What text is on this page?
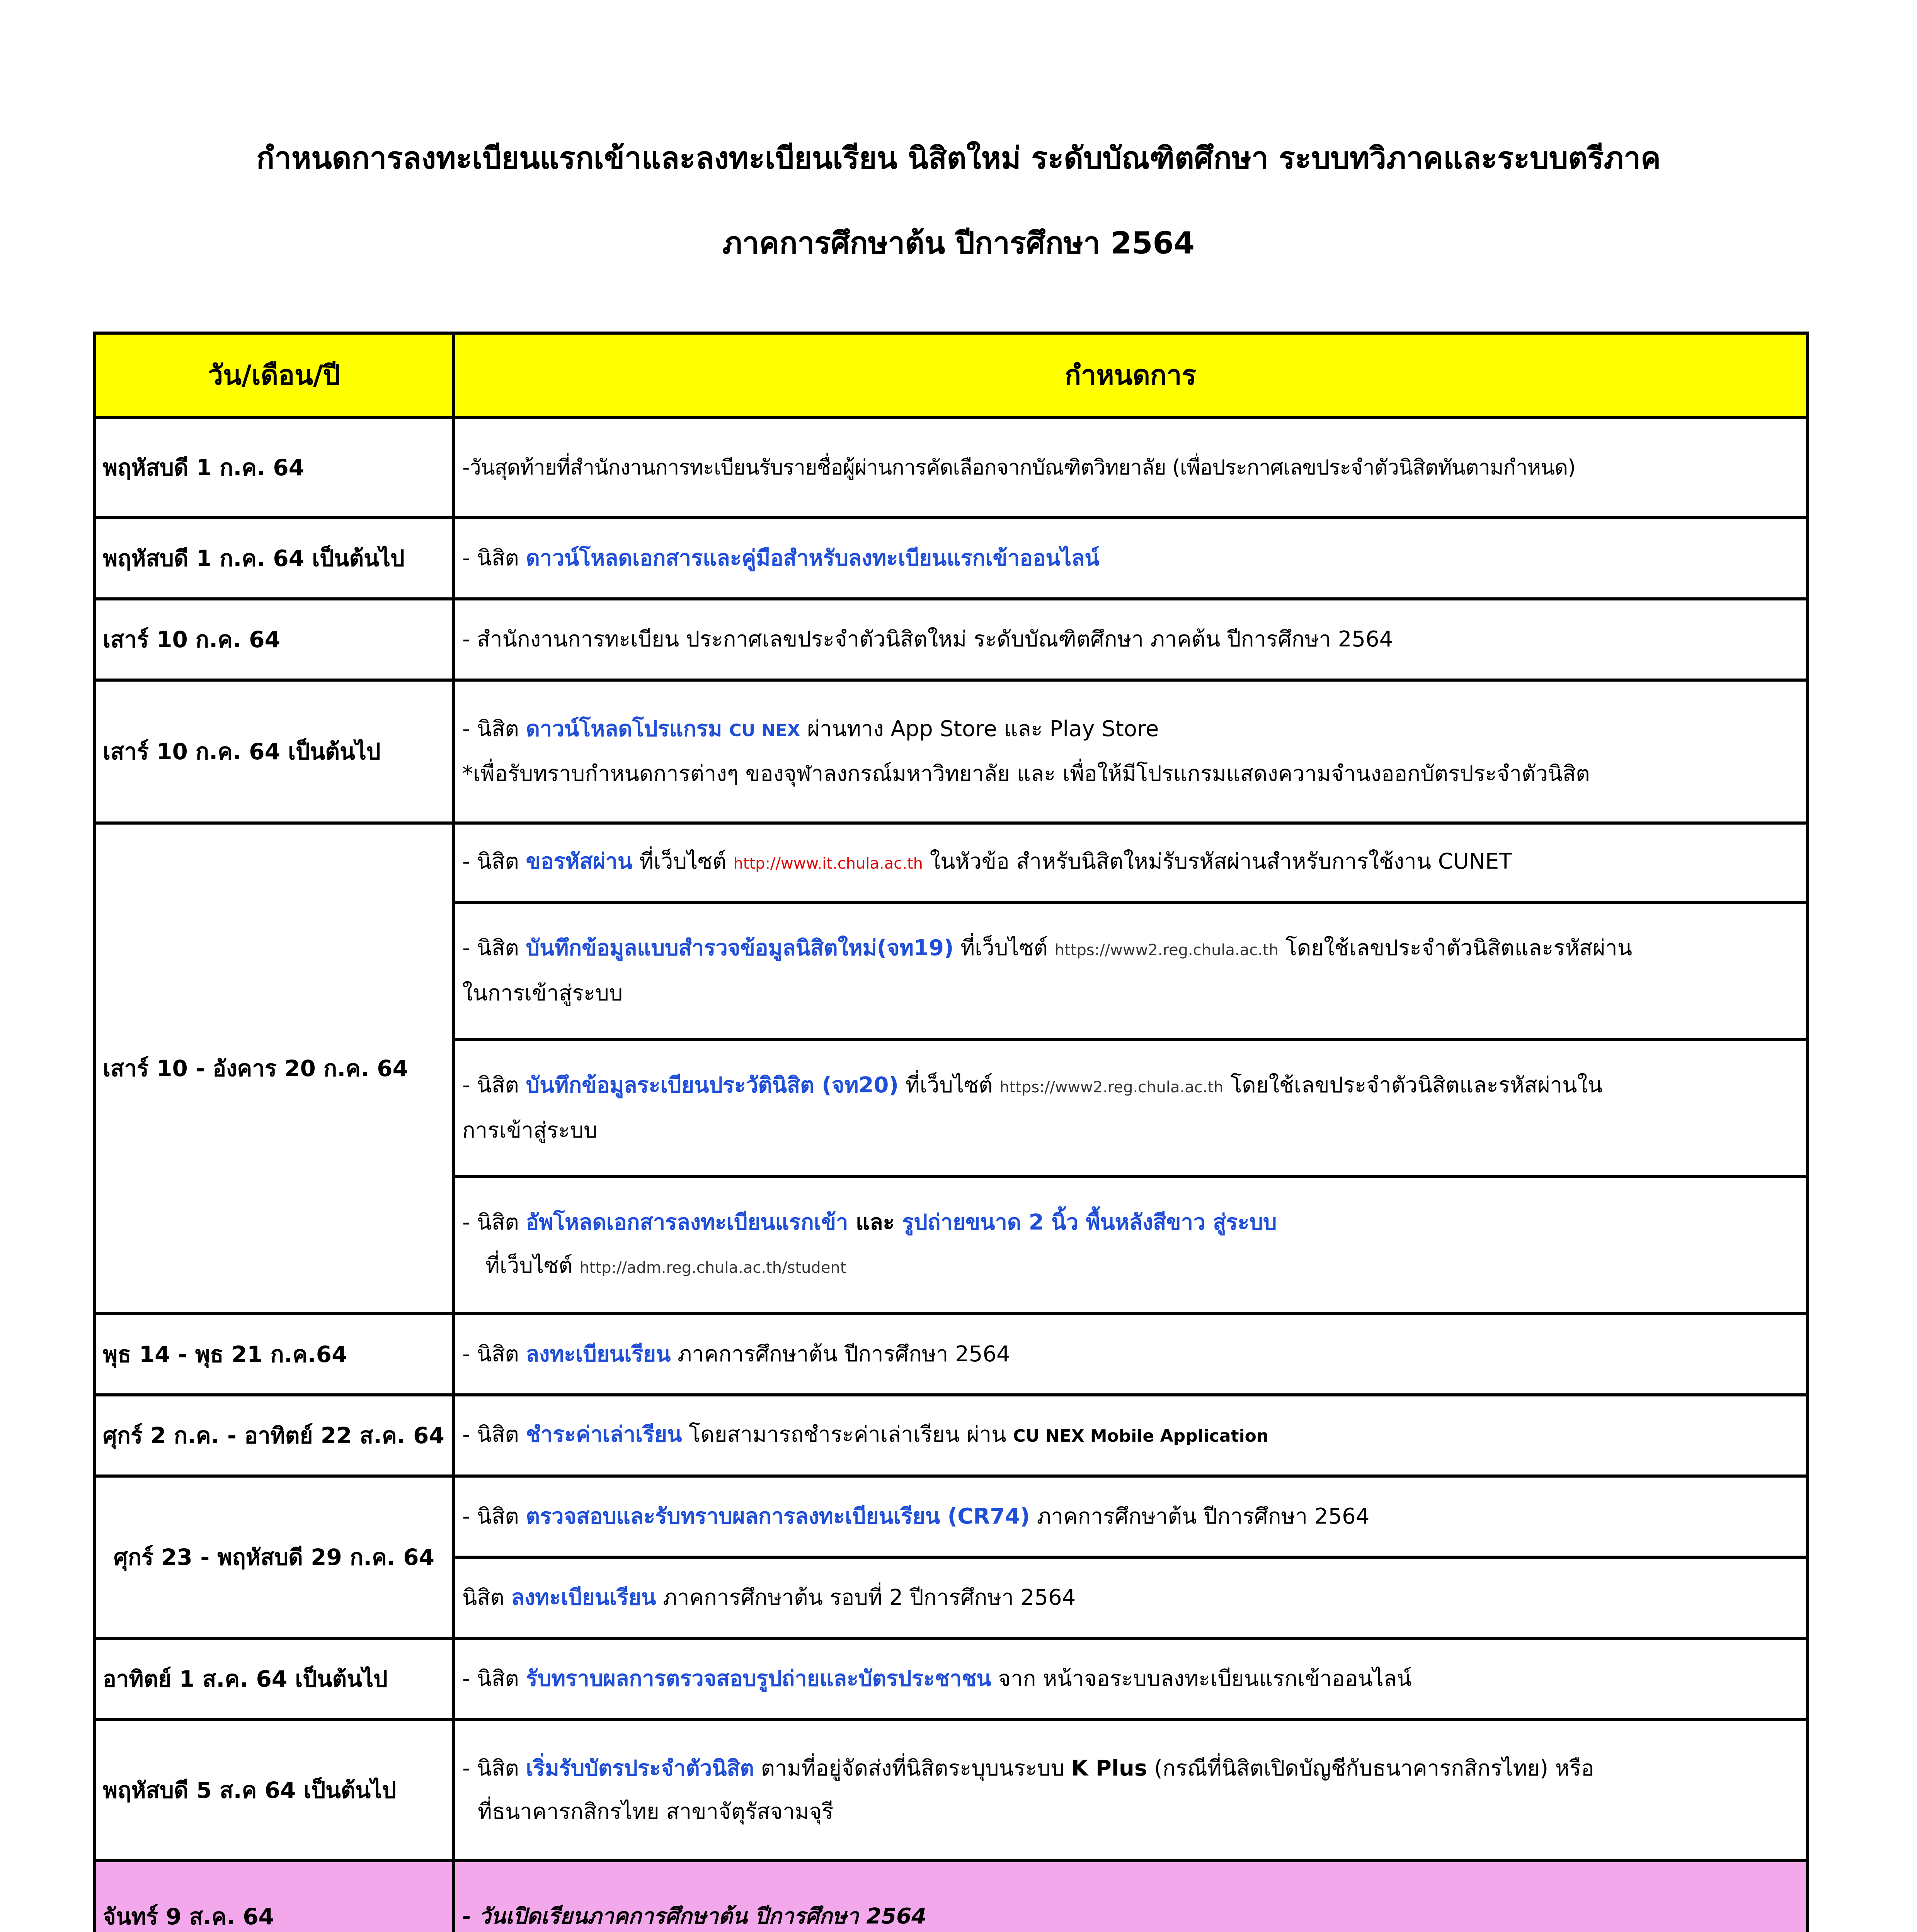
กำหนดการลงทะเบียนแรกเข้าและลงทะเบียนเรียน นิสิตใหม่ ระดับบัณฑิตศึกษา ระบบทวิภาคและระบบตรีภาค
ภาคการศึกษาต้น ปีการศึกษา 2564
วัน/เดือน/ปี	กำหนดการ
พฤหัสบดี 1 ก.ค. 64	-วันสุดท้ายที่สำนักงานการทะเบียนรับรายชื่อผู้ผ่านการคัดเลือกจากบัณฑิตวิทยาลัย (เพื่อประกาศเลขประจำตัวนิสิตทันตามกำหนด)
พฤหัสบดี 1 ก.ค. 64 เป็นต้นไป	- นิสิต ดาวน์โหลดเอกสารและคู่มือสำหรับลงทะเบียนแรกเข้าออนไลน์
เสาร์ 10 ก.ค. 64	- สำนักงานการทะเบียน ประกาศเลขประจำตัวนิสิตใหม่ ระดับบัณฑิตศึกษา ภาคต้น ปีการศึกษา 2564
เสาร์ 10 ก.ค. 64 เป็นต้นไป	- นิสิต ดาวน์โหลดโปรแกรม CU NEX ผ่านทาง App Store และ Play Store
*เพื่อรับทราบกำหนดการต่างๆ ของจุฬาลงกรณ์มหาวิทยาลัย และ เพื่อให้มีโปรแกรมแสดงความจำนงออกบัตรประจำตัวนิสิต

เสาร์ 10 - อังคาร 20 ก.ค. 64	- นิสิต ขอรหัสผ่าน ที่เว็บไซต์ http://www.it.chula.ac.th ในหัวข้อ สำหรับนิสิตใหม่รับรหัสผ่านสำหรับการใช้งาน CUNET

	- นิสิต บันทึกข้อมูลแบบสำรวจข้อมูลนิสิตใหม่(จท19) ที่เว็บไซต์ https://www2.reg.chula.ac.th โดยใช้เลขประจำตัวนิสิตและรหัสผ่าน
ในการเข้าสู่ระบบ

	- นิสิต บันทึกข้อมูลระเบียนประวัตินิสิต (จท20) ที่เว็บไซต์ https://www2.reg.chula.ac.th โดยใช้เลขประจำตัวนิสิตและรหัสผ่านใน
การเข้าสู่ระบบ

	- นิสิต อัพโหลดเอกสารลงทะเบียนแรกเข้า และ รูปถ่ายขนาด 2 นิ้ว พื้นหลังสีขาว สู่ระบบ
ที่เว็บไซต์ http://adm.reg.chula.ac.th/student

พุธ 14 - พุธ 21 ก.ค.64	- นิสิต ลงทะเบียนเรียน ภาคการศึกษาต้น ปีการศึกษา 2564
ศุกร์ 2 ก.ค. - อาทิตย์ 22 ส.ค. 64	- นิสิต ชำระค่าเล่าเรียน โดยสามารถชำระค่าเล่าเรียน ผ่าน CU NEX Mobile Application
ศุกร์ 23 - พฤหัสบดี 29 ก.ค. 64	- นิสิต ตรวจสอบและรับทราบผลการลงทะเบียนเรียน (CR74) ภาคการศึกษาต้น ปีการศึกษา 2564
	นิสิต ลงทะเบียนเรียน ภาคการศึกษาต้น รอบที่ 2 ปีการศึกษา 2564
อาทิตย์ 1 ส.ค. 64 เป็นต้นไป	- นิสิต รับทราบผลการตรวจสอบรูปถ่ายและบัตรประชาชน จาก หน้าจอระบบลงทะเบียนแรกเข้าออนไลน์
พฤหัสบดี 5 ส.ค 64 เป็นต้นไป	- นิสิต เริ่มรับบัตรประจำตัวนิสิต ตามที่อยู่จัดส่งที่นิสิตระบุบนระบบ K Plus (กรณีที่นิสิตเปิดบัญชีกับธนาคารกสิกรไทย) หรือ
ที่ธนาคารกสิกรไทย สาขาจัตุรัสจามจุรี

จันทร์ 9 ส.ค. 64	- วันเปิดเรียนภาคการศึกษาต้น ปีการศึกษา 2564
